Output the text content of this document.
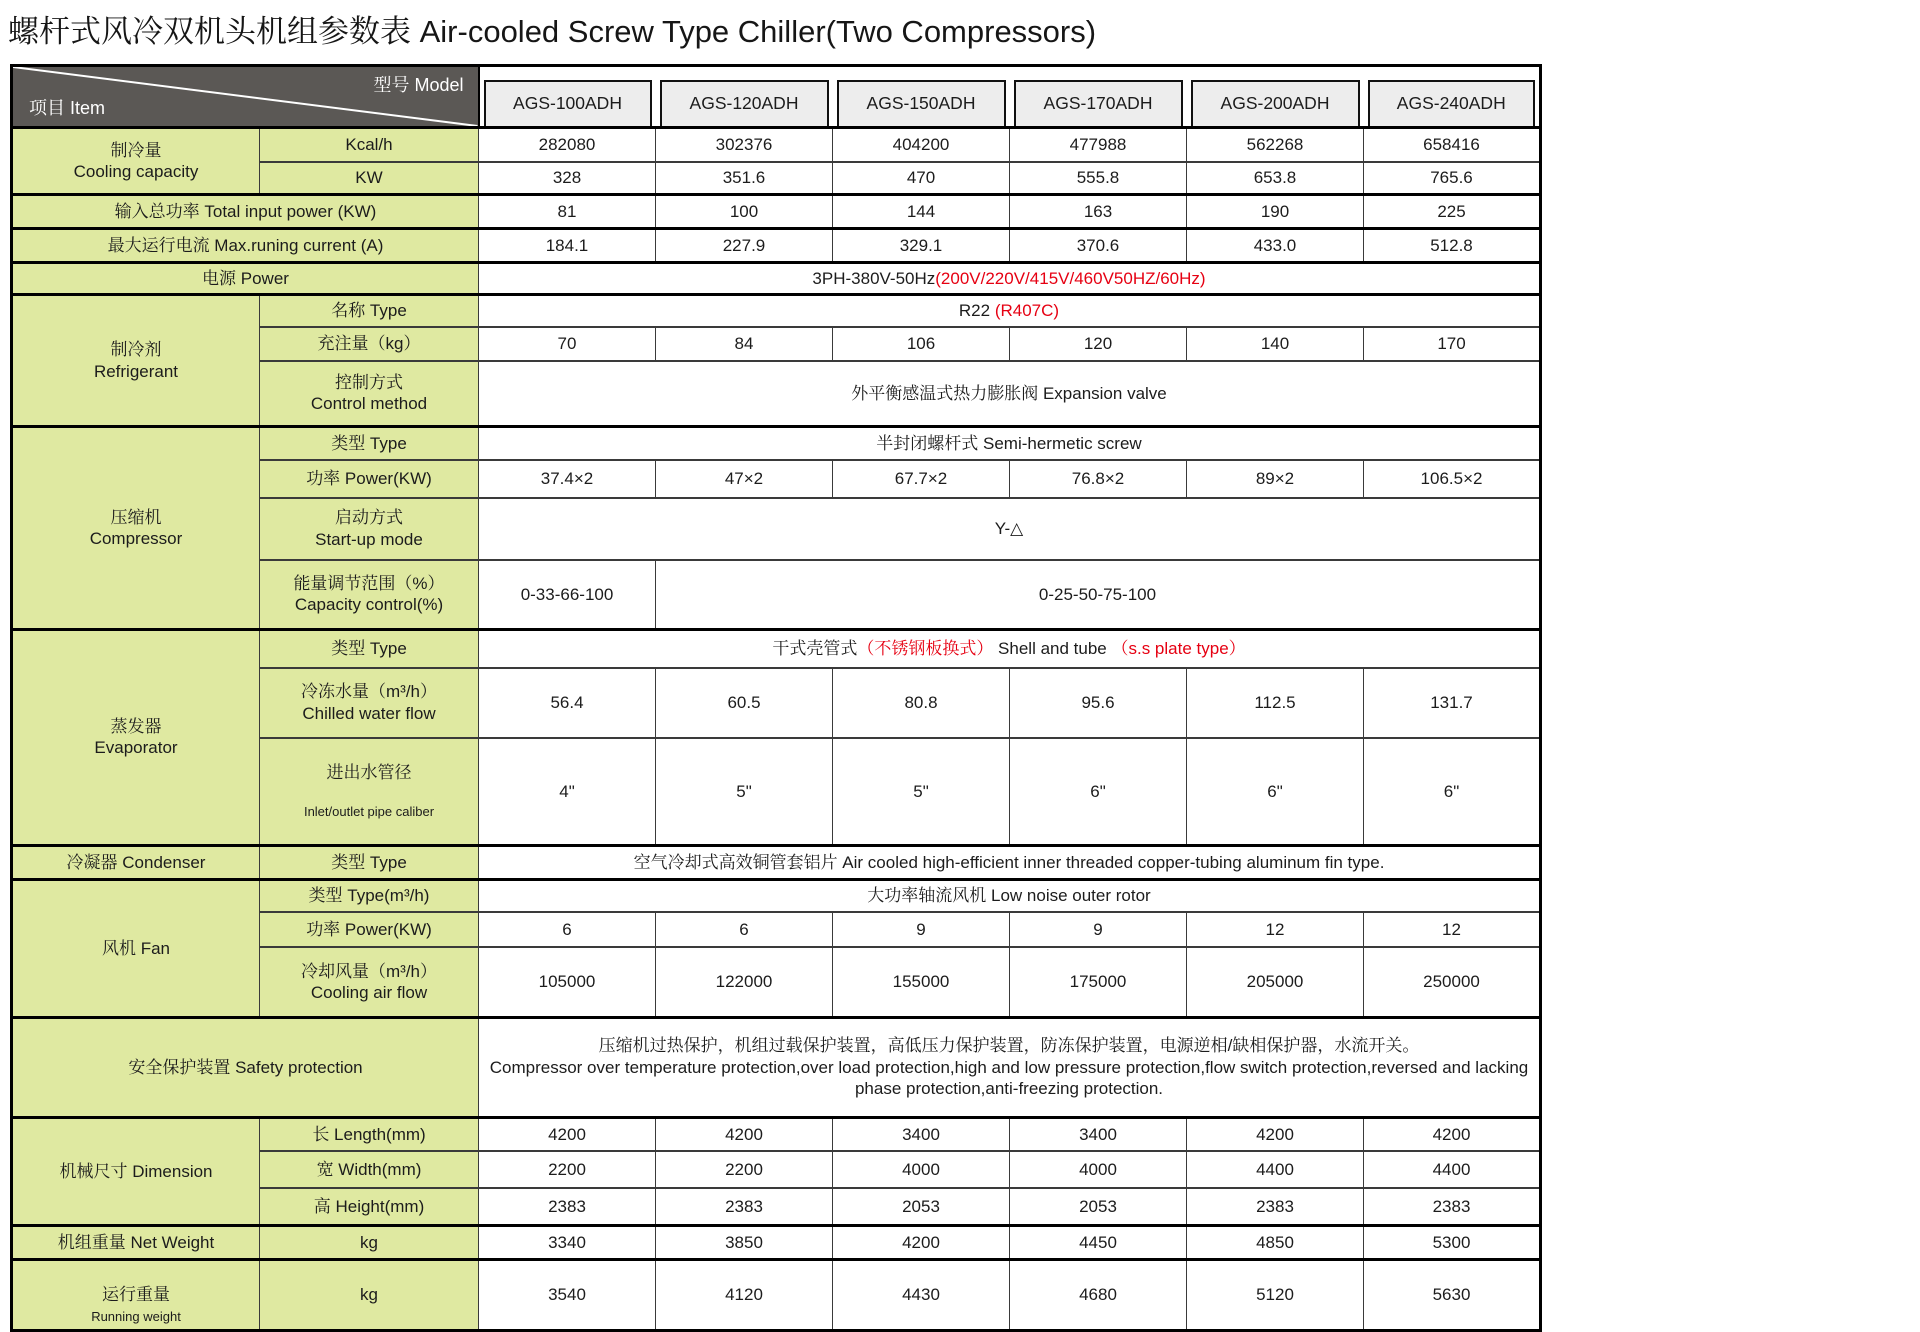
螺杆式风冷双机头机组参数表 Air-cooled Screw Type Chiller(Two Compressors)
型号 Model
项目 Item		AGS-100ADH	AGS-120ADH	AGS-150ADH	AGS-170ADH	AGS-200ADH	AGS-240ADH

制冷量
Cooling capacity	Kcal/h	282080	302376	404200	477988	562268	658416
	KW	328	351.6	470	555.8	653.8	765.6
输入总功率 Total input power (KW)		81	100	144	163	190	225
最大运行电流 Max.runing current (A)		184.1	227.9	329.1	370.6	433.0	512.8
电源 Power		3PH-380V-50Hz(200V/220V/415V/460V50HZ/60Hz)					
制冷剂
Refrigerant	名称 Type	R22 (R407C)					
	充注量（kg）	70	84	106	120	140	170
	控制方式
Control method	外平衡感温式热力膨胀阀 Expansion valve					
压缩机
Compressor	类型 Type	半封闭螺杆式 Semi-hermetic screw					
	功率 Power(KW)	37.4×2	47×2	67.7×2	76.8×2	89×2	106.5×2
	启动方式
Start-up mode	Y-△					
	能量调节范围（%）
Capacity control(%)	0-33-66-100	0-25-50-75-100				
蒸发器
Evaporator	类型 Type	干式壳管式（不锈钢板换式） Shell and tube （s.s plate type）					
	冷冻水量（m³/h）
Chilled water flow	56.4	60.5	80.8	95.6	112.5	131.7

	进出水管径

Inlet/outlet pipe caliber	4"	5"	5"	6"	6"	6"
冷凝器 Condenser	类型 Type	空气冷却式高效铜管套铝片 Air cooled high-efficient inner threaded copper-tubing aluminum fin type.					
风机 Fan	类型 Type(m³/h)	大功率轴流风机 Low noise outer rotor					
	功率 Power(KW)	6	6	9	9	12	12
	冷却风量（m³/h）
Cooling air flow	105000	122000	155000	175000	205000	250000
安全保护装置 Safety protection		压缩机过热保护，机组过载保护装置，高低压力保护装置，防冻保护装置，电源逆相/缺相保护器，水流开关。
Compressor over temperature protection,over load protection,high and low pressure protection,flow switch protection,reversed and lacking phase protection,anti-freezing protection.					

机械尺寸 Dimension	长 Length(mm)	4200	4200	3400	3400	4200	4200
	宽 Width(mm)	2200	2200	4000	4000	4400	4400
	高 Height(mm)	2383	2383	2053	2053	2383	2383
机组重量 Net Weight	kg	3340	3850	4200	4450	4850	5300

运行重量
Running weight	kg	3540	4120	4430	4680	5120	5630
